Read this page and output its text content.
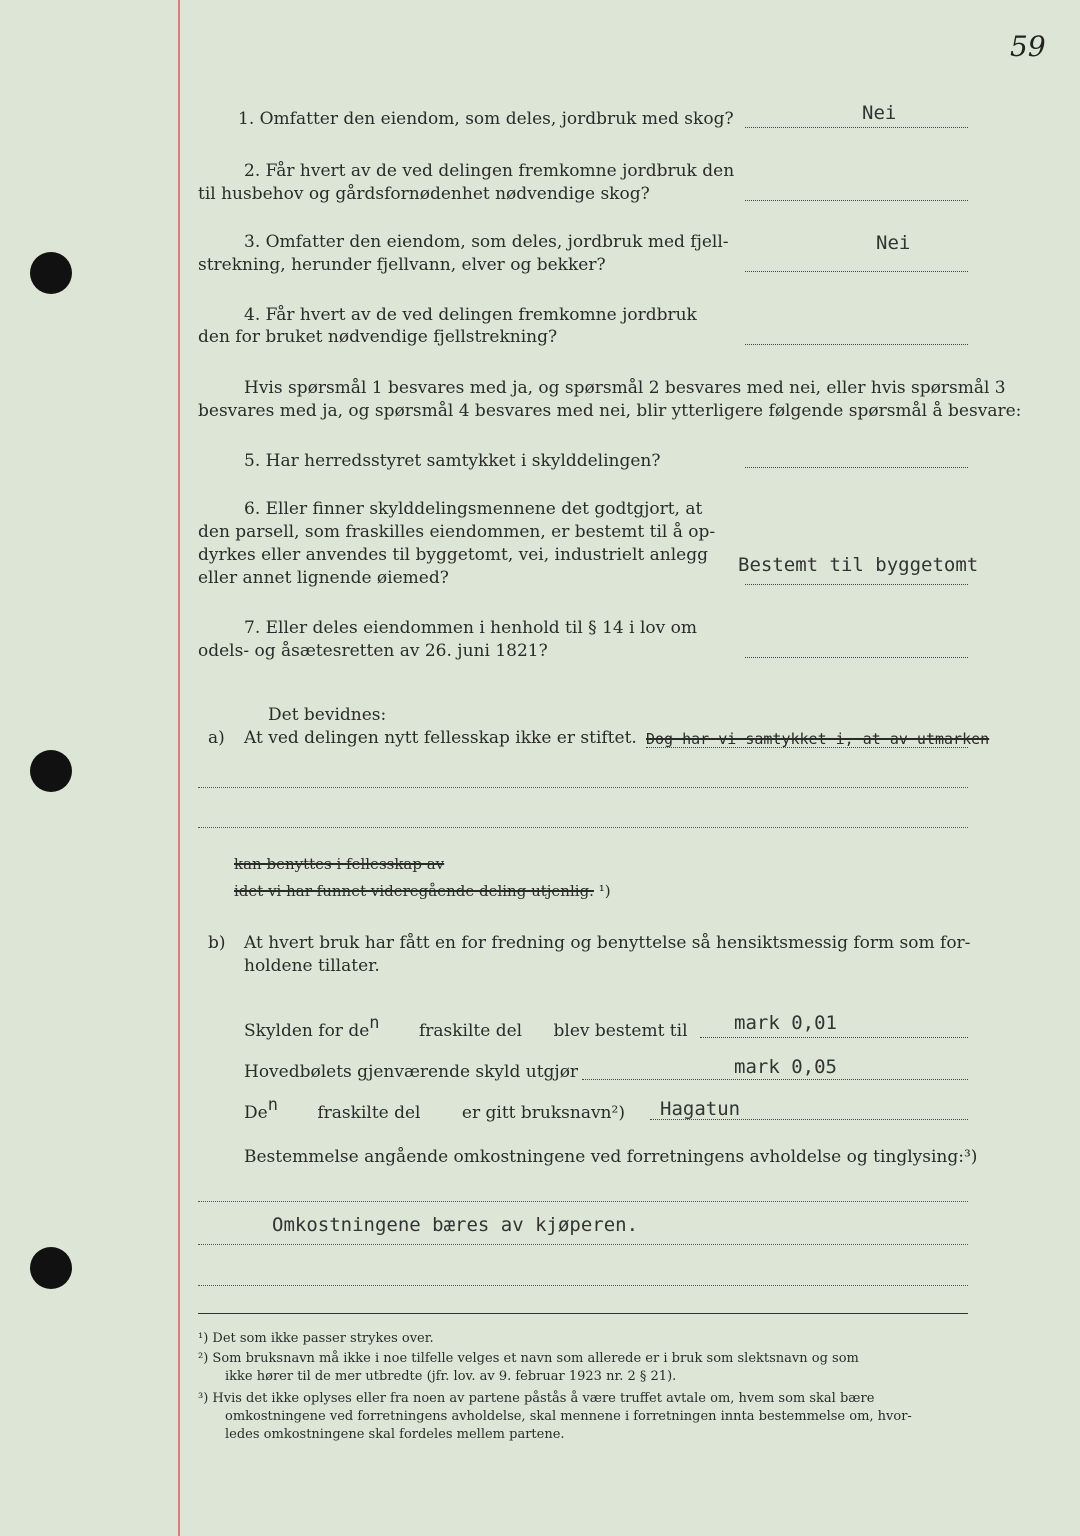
59
1. Omfatter den eiendom, som deles, jordbruk med skog?	Nei
2. Får hvert av de ved delingen fremkomne jordbruk den
til husbehov og gårdsfornødenhet nødvendige skog?
3. Omfatter den eiendom, som deles, jordbruk med fjell-
strekning, herunder fjellvann, elver og bekker?
Nei
4. Får hvert av de ved delingen fremkomne jordbruk
den for bruket nødvendige fjellstrekning?
Hvis spørsmål 1 besvares med ja, og spørsmål 2 besvares med nei, eller hvis spørsmål 3
besvares med ja, og spørsmål 4 besvares med nei, blir ytterligere følgende spørsmål å besvare:
5. Har herredsstyret samtykket i skylddelingen?
6. Eller finner skylddelingsmennene det godtgjort, at
den parsell, som fraskilles eiendommen, er bestemt til å op-
dyrkes eller anvendes til byggetomt, vei, industrielt anlegg
eller annet lignende øiemed?
Bestemt til byggetomt
7. Eller deles eiendommen i henhold til § 14 i lov om
odels- og åsætesretten av 26. juni 1821?
Det bevidnes:
a) At ved delingen nytt fellesskap ikke er stiftet. Dog har vi samtykket i, at av utmarken
kan benyttes i fellesskap av
idet vi har funnet videregående deling utjenlig. ¹)
b) At hvert bruk har fått en for fredning og benyttelse så hensiktsmessig form som for-
holdene tillater.
Skylden for den fraskilte del blev bestemt til mark 0,01
Hovedbølets gjenværende skyld utgjør	mark 0,05
Den fraskilte del er gitt bruksnavn²) Hagatun
Bestemmelse angående omkostningene ved forretningens avholdelse og tinglysing:³)
Omkostningene bæres av kjøperen.
¹) Det som ikke passer strykes over.
²) Som bruksnavn må ikke i noe tilfelle velges et navn som allerede er i bruk som slektsnavn og som
ikke hører til de mer utbredte (jfr. lov. av 9. februar 1923 nr. 2 § 21).
³) Hvis det ikke oplyses eller fra noen av partene påstås å være truffet avtale om, hvem som skal bære
omkostningene ved forretningens avholdelse, skal mennene i forretningen innta bestemmelse om, hvor-
ledes omkostningene skal fordeles mellem partene.
